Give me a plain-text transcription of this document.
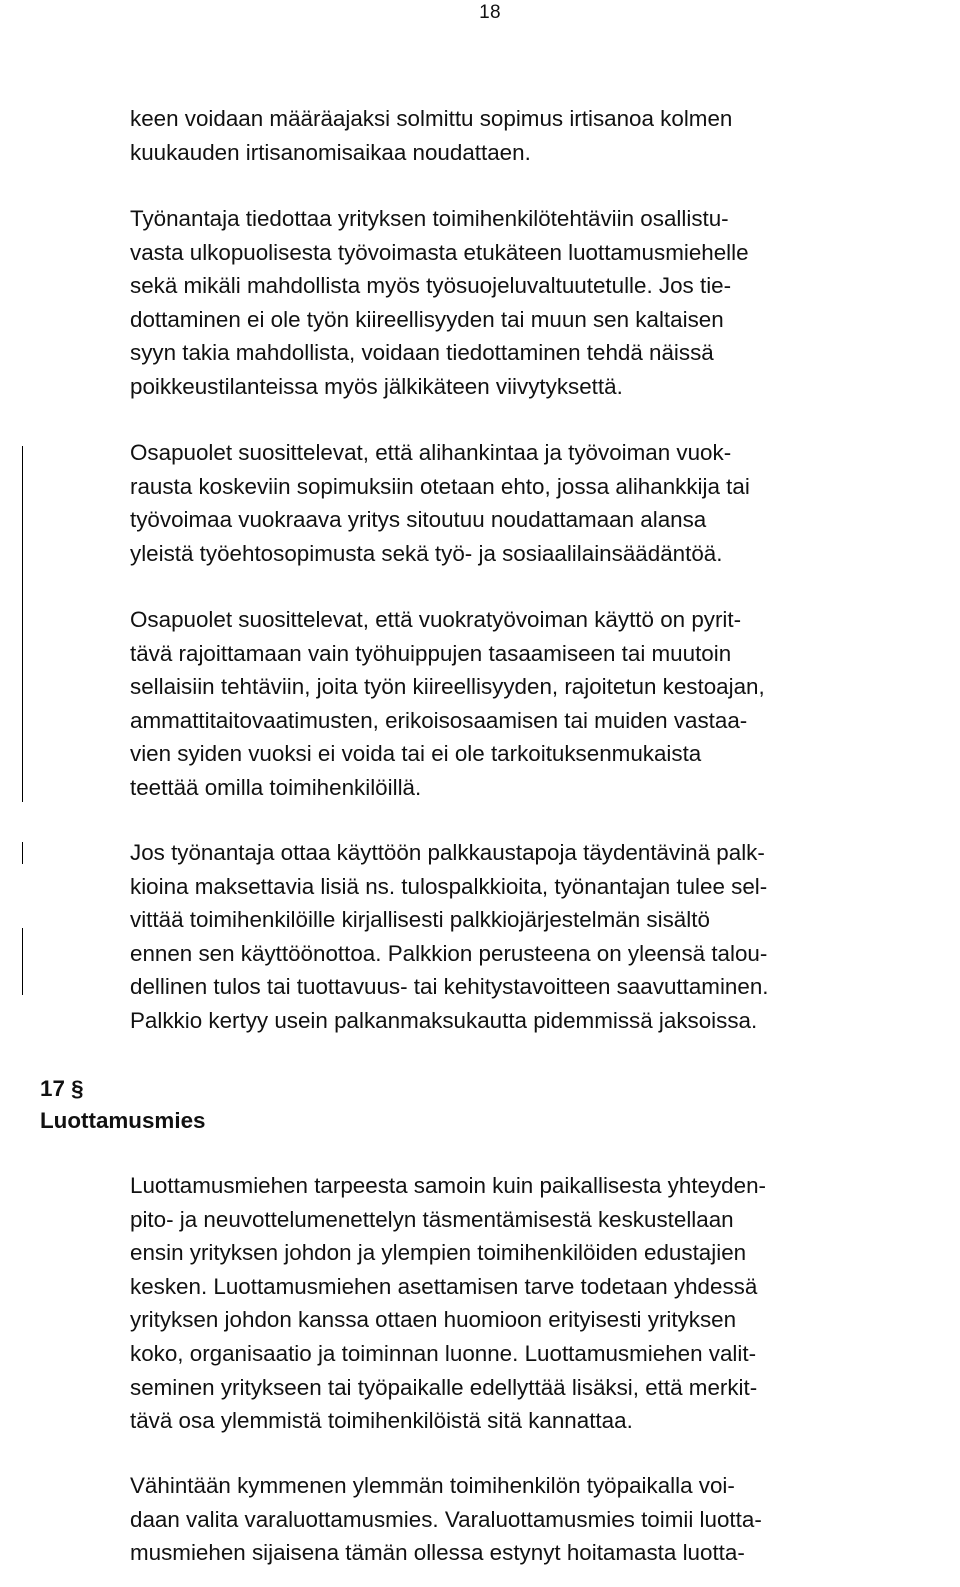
18

keen voidaan määräajaksi solmittu sopimus irtisanoa kolmen
kuukauden irtisanomisaikaa noudattaen.

Työnantaja tiedottaa yrityksen toimihenkilötehtäviin osallistu-
vasta ulkopuolisesta työvoimasta etukäteen luottamusmiehelle
sekä mikäli mahdollista myös työsuojeluvaltuutetulle. Jos tie-
dottaminen ei ole työn kiireellisyyden tai muun sen kaltaisen
syyn takia mahdollista, voidaan tiedottaminen tehdä näissä
poikkeustilanteissa myös jälkikäteen viivytyksettä.

Osapuolet suosittelevat, että alihankintaa ja työvoiman vuok-
rausta koskeviin sopimuksiin otetaan ehto, jossa alihankkija tai
työvoimaa vuokraava yritys sitoutuu noudattamaan alansa
yleistä työehtosopimusta sekä työ- ja sosiaalilainsäädäntöä.

Osapuolet suosittelevat, että vuokratyövoiman käyttö on pyrit-
tävä rajoittamaan vain työhuippujen tasaamiseen tai muutoin
sellaisiin tehtäviin, joita työn kiireellisyyden, rajoitetun kestoajan,
ammattitaitovaatimusten, erikoisosaamisen tai muiden vastaa-
vien syiden vuoksi ei voida tai ei ole tarkoituksenmukaista
teettää omilla toimihenkilöillä.

Jos työnantaja ottaa käyttöön palkkaustapoja täydentävinä palk-
kioina maksettavia lisiä ns. tulospalkkioita, työnantajan tulee sel-
vittää toimihenkilöille kirjallisesti palkkiojärjestelmän sisältö
ennen sen käyttöönottoa. Palkkion perusteena on yleensä talou-
dellinen tulos tai tuottavuus- tai kehitystavoitteen saavuttaminen.
Palkkio kertyy usein palkanmaksukautta pidemmissä jaksoissa.

17 §
Luottamusmies

Luottamusmiehen tarpeesta samoin kuin paikallisesta yhteyden-
pito- ja neuvottelumenettelyn täsmentämisestä keskustellaan
ensin yrityksen johdon ja ylempien toimihenkilöiden edustajien
kesken. Luottamusmiehen asettamisen tarve todetaan yhdessä
yrityksen johdon kanssa ottaen huomioon erityisesti yrityksen
koko, organisaatio ja toiminnan luonne. Luottamusmiehen valit-
seminen yritykseen tai työpaikalle edellyttää lisäksi, että merkit-
tävä osa ylemmistä toimihenkilöistä sitä kannattaa.

Vähintään kymmenen ylemmän toimihenkilön työpaikalla voi-
daan valita varaluottamusmies. Varaluottamusmies toimii luotta-
musmiehen sijaisena tämän ollessa estynyt hoitamasta luotta-
